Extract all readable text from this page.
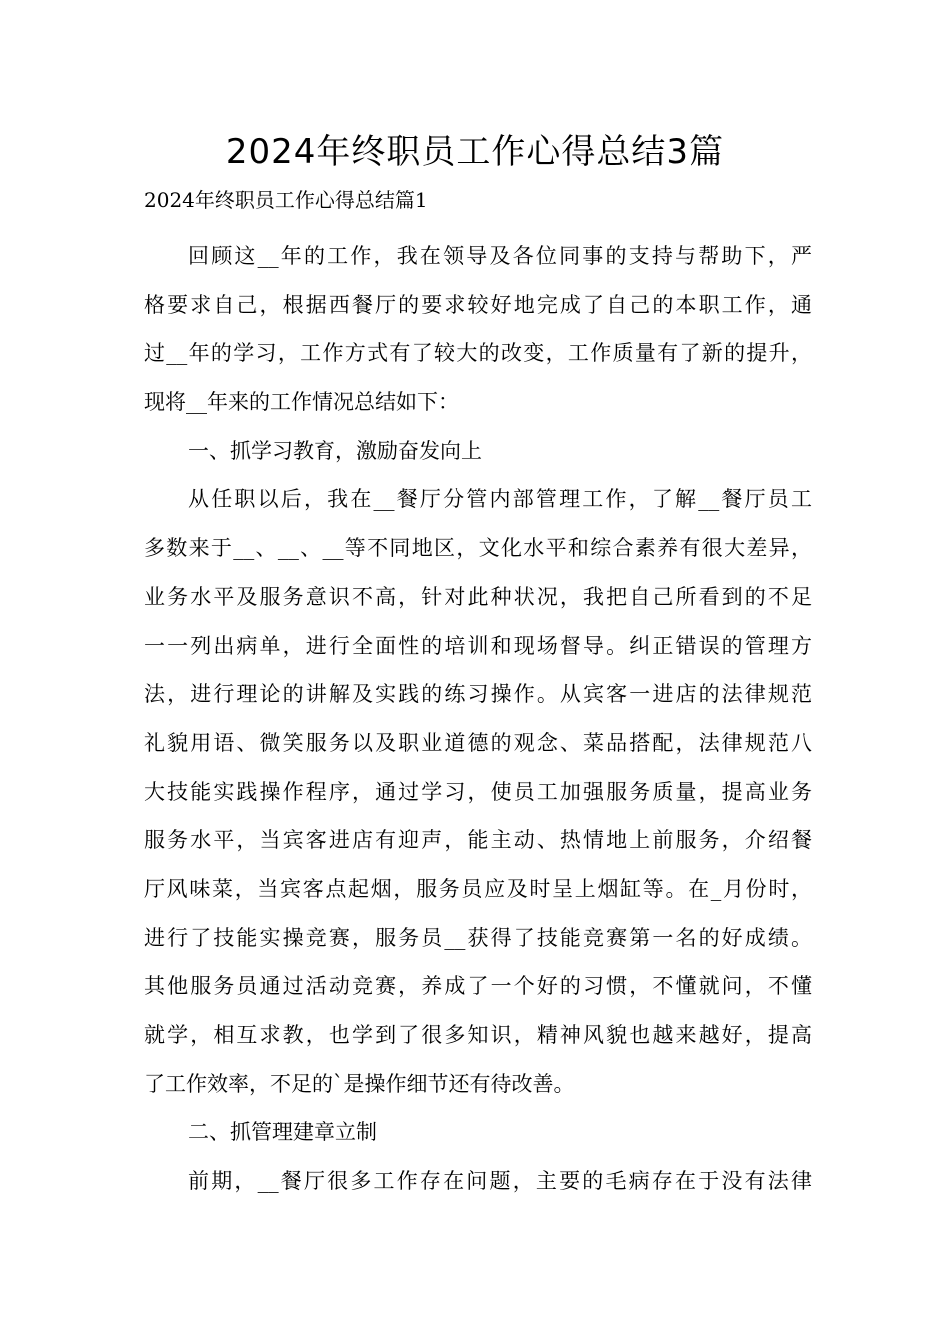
2024年终职员工作心得总结3篇
2024年终职员工作心得总结篇1
回顾这__年的工作，我在领导及各位同事的支持与帮助下，严
格要求自己，根据西餐厅的要求较好地完成了自己的本职工作，通
过__年的学习，工作方式有了较大的改变，工作质量有了新的提升，
现将__年来的工作情况总结如下：
一、抓学习教育，激励奋发向上
从任职以后，我在__餐厅分管内部管理工作，了解__餐厅员工
多数来于__、__、__等不同地区，文化水平和综合素养有很大差异，
业务水平及服务意识不高，针对此种状况，我把自己所看到的不足
一一列出病单，进行全面性的培训和现场督导。纠正错误的管理方
法，进行理论的讲解及实践的练习操作。从宾客一进店的法律规范
礼貌用语、微笑服务以及职业道德的观念、菜品搭配，法律规范八
大技能实践操作程序，通过学习，使员工加强服务质量，提高业务
服务水平，当宾客进店有迎声，能主动、热情地上前服务，介绍餐
厅风味菜，当宾客点起烟，服务员应及时呈上烟缸等。在_月份时，
进行了技能实操竞赛，服务员__获得了技能竞赛第一名的好成绩。
其他服务员通过活动竞赛，养成了一个好的习惯，不懂就问，不懂
就学，相互求教，也学到了很多知识，精神风貌也越来越好，提高
了工作效率，不足的`是操作细节还有待改善。
二、抓管理建章立制
前期，__餐厅很多工作存在问题，主要的毛病存在于没有法律
